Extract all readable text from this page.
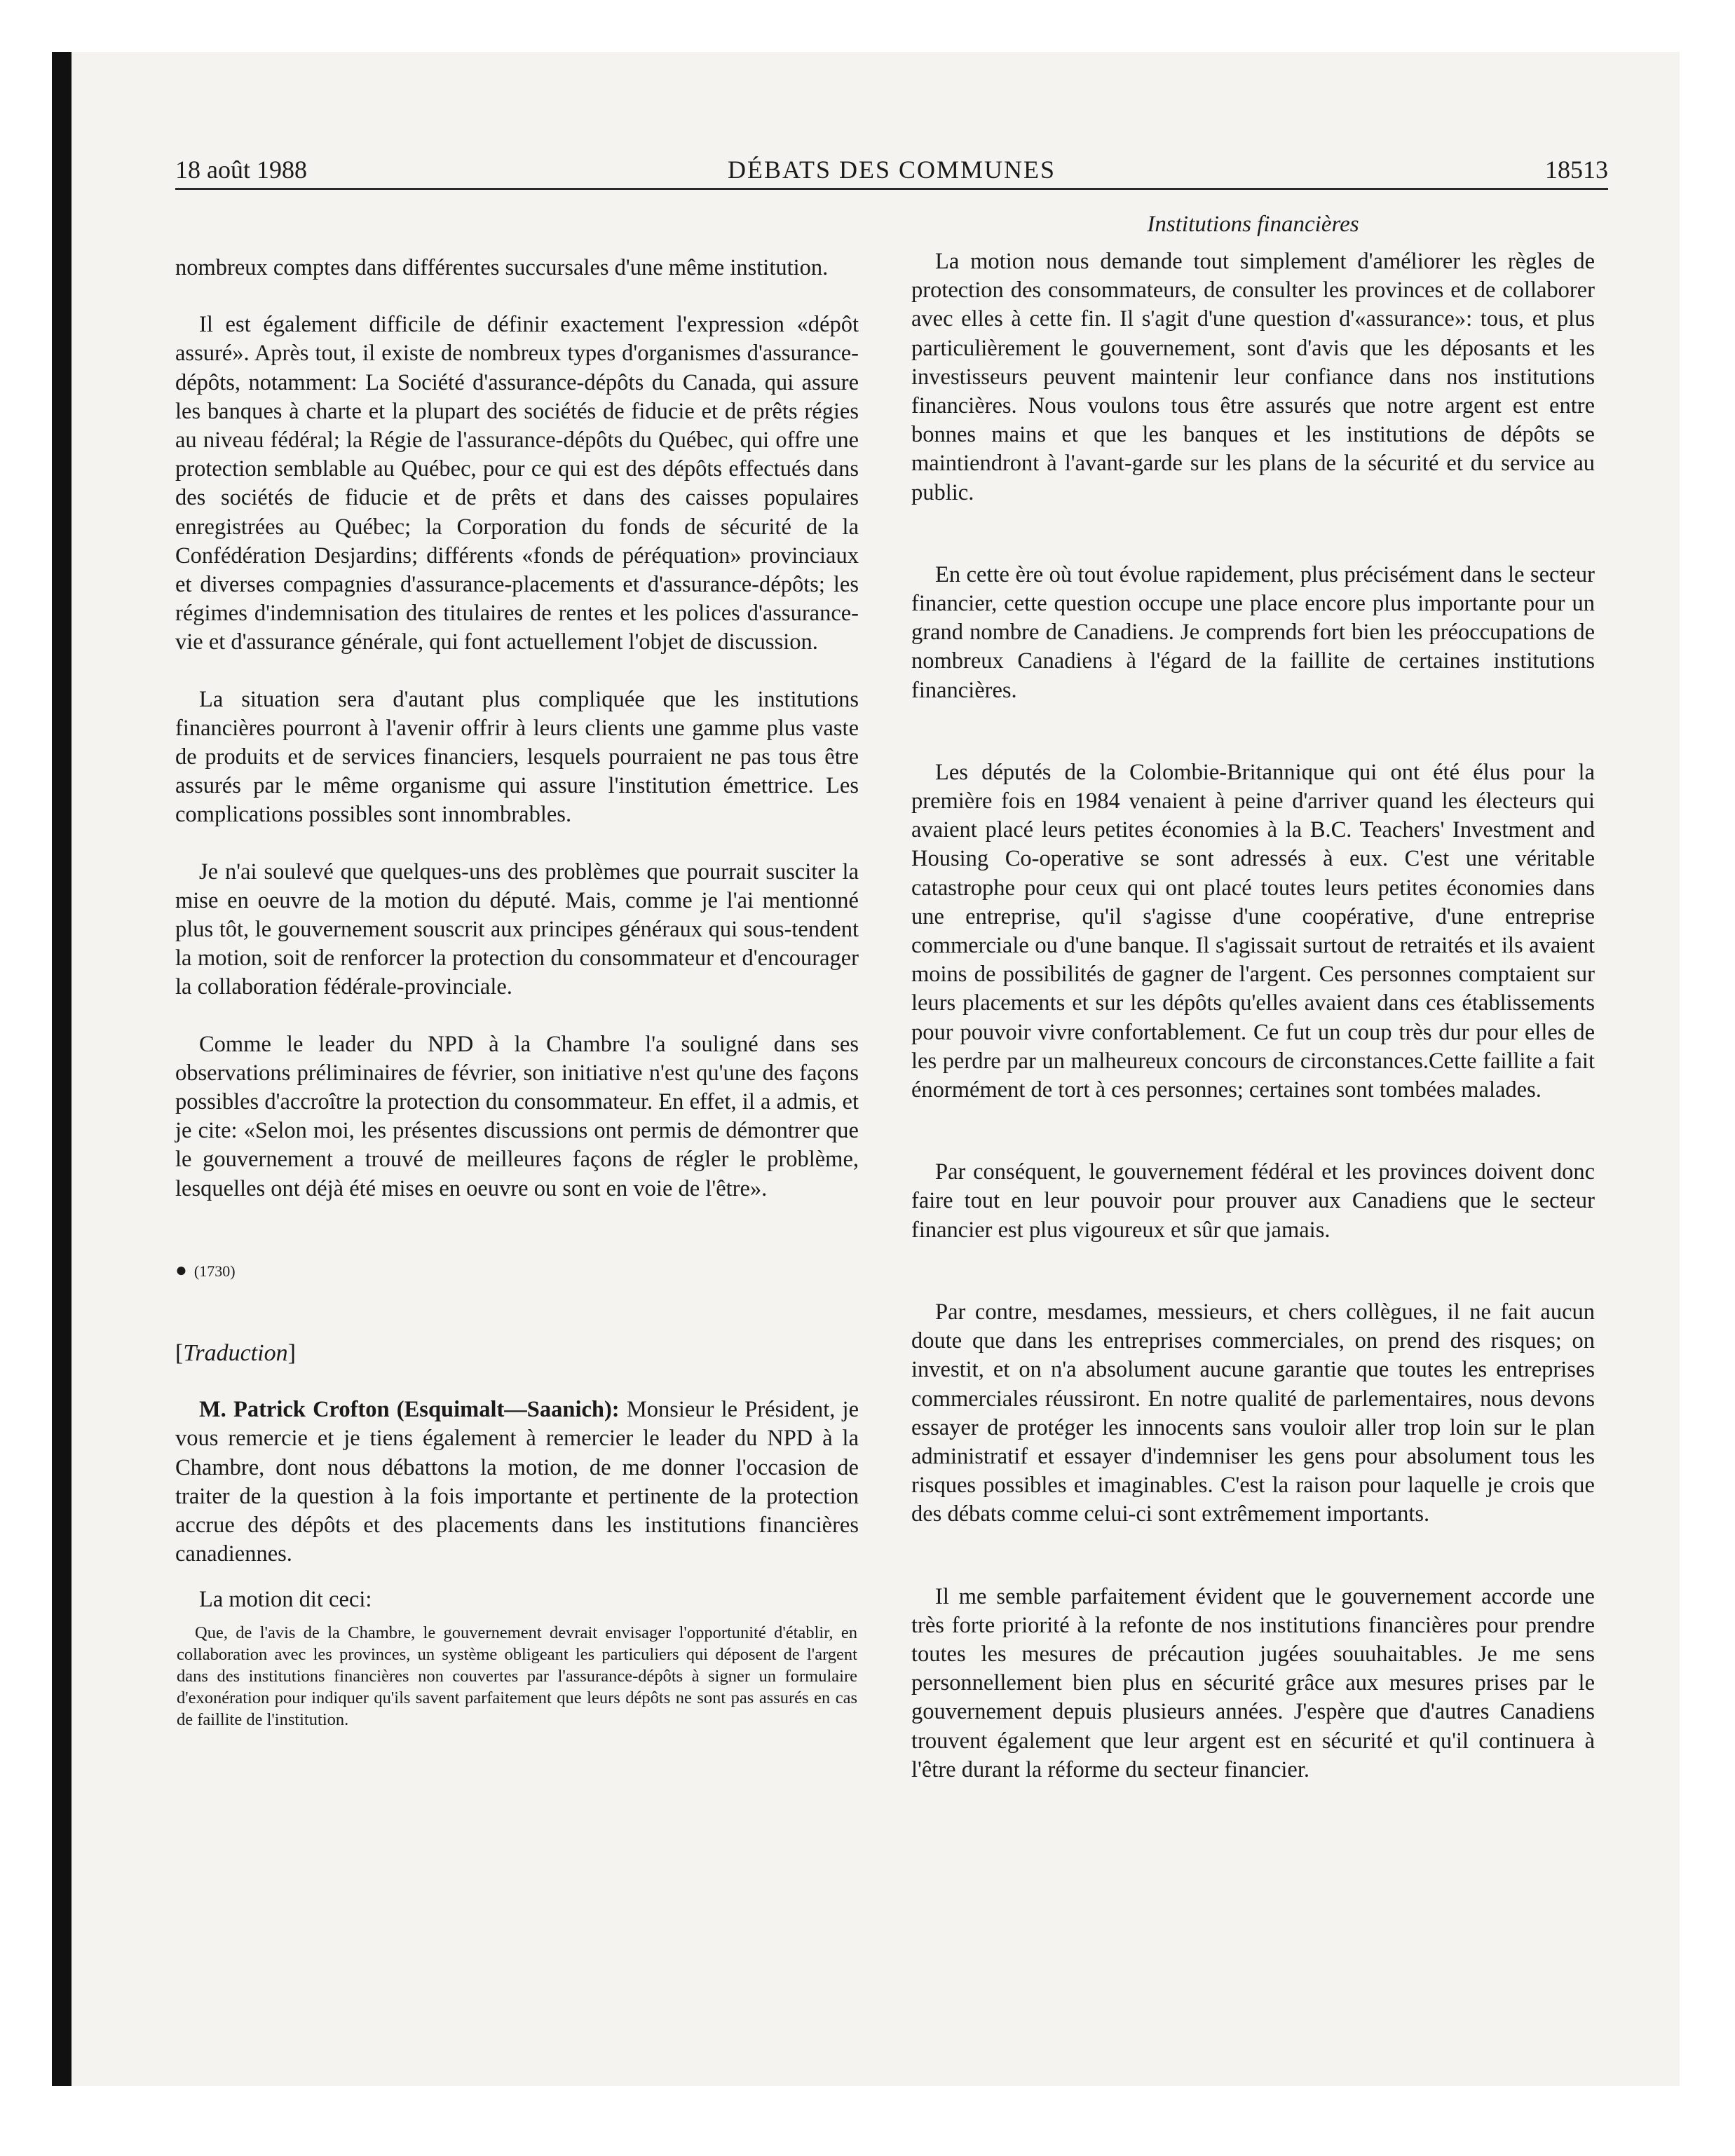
DÉBATS DES COMMUNES
18 août 1988	18513

nombreux comptes dans différentes succursales d'une même institution.

Il est également difficile de définir exactement l'expression «dépôt assuré». Après tout, il existe de nombreux types d'organismes d'assurance-dépôts, notamment: La Société d'assurance-dépôts du Canada, qui assure les banques à charte et la plupart des sociétés de fiducie et de prêts régies au niveau fédéral; la Régie de l'assurance-dépôts du Québec, qui offre une protection semblable au Québec, pour ce qui est des dépôts effectués dans des sociétés de fiducie et de prêts et dans des caisses populaires enregistrées au Québec; la Corporation du fonds de sécurité de la Confédération Desjardins; différents «fonds de péréquation» provinciaux et diverses compagnies d'assurance-placements et d'assurance-dépôts; les régimes d'indemnisation des titulaires de rentes et les polices d'assurance-vie et d'assurance générale, qui font actuellement l'objet de discussion.

La situation sera d'autant plus compliquée que les institutions financières pourront à l'avenir offrir à leurs clients une gamme plus vaste de produits et de services financiers, lesquels pourraient ne pas tous être assurés par le même organisme qui assure l'institution émettrice. Les complications possibles sont innombrables.

Je n'ai soulevé que quelques-uns des problèmes que pourrait susciter la mise en oeuvre de la motion du député. Mais, comme je l'ai mentionné plus tôt, le gouvernement souscrit aux principes généraux qui sous-tendent la motion, soit de renforcer la protection du consommateur et d'encourager la collaboration fédérale-provinciale.

Comme le leader du NPD à la Chambre l'a souligné dans ses observations préliminaires de février, son initiative n'est qu'une des façons possibles d'accroître la protection du consommateur. En effet, il a admis, et je cite: «Selon moi, les présentes discussions ont permis de démontrer que le gouvernement a trouvé de meilleures façons de régler le problème, lesquelles ont déjà été mises en oeuvre ou sont en voie de l'être».

● (1730)

[Traduction]

M. Patrick Crofton (Esquimalt—Saanich): Monsieur le Président, je vous remercie et je tiens également à remercier le leader du NPD à la Chambre, dont nous débattons la motion, de me donner l'occasion de traiter de la question à la fois importante et pertinente de la protection accrue des dépôts et des placements dans les institutions financières canadiennes.

La motion dit ceci:

Que, de l'avis de la Chambre, le gouvernement devrait envisager l'opportunité d'établir, en collaboration avec les provinces, un système obligeant les particuliers qui déposent de l'argent dans des institutions financières non couvertes par l'assurance-dépôts à signer un formulaire d'exonération pour indiquer qu'ils savent parfaitement que leurs dépôts ne sont pas assurés en cas de faillite de l'institution.

Institutions financières

La motion nous demande tout simplement d'améliorer les règles de protection des consommateurs, de consulter les provinces et de collaborer avec elles à cette fin. Il s'agit d'une question d'«assurance»: tous, et plus particulièrement le gouvernement, sont d'avis que les déposants et les investisseurs peuvent maintenir leur confiance dans nos institutions financières. Nous voulons tous être assurés que notre argent est entre bonnes mains et que les banques et les institutions de dépôts se maintiendront à l'avant-garde sur les plans de la sécurité et du service au public.

En cette ère où tout évolue rapidement, plus précisément dans le secteur financier, cette question occupe une place encore plus importante pour un grand nombre de Canadiens. Je comprends fort bien les préoccupations de nombreux Canadiens à l'égard de la faillite de certaines institutions financières.

Les députés de la Colombie-Britannique qui ont été élus pour la première fois en 1984 venaient à peine d'arriver quand les électeurs qui avaient placé leurs petites économies à la B.C. Teachers' Investment and Housing Co-operative se sont adressés à eux. C'est une véritable catastrophe pour ceux qui ont placé toutes leurs petites économies dans une entreprise, qu'il s'agisse d'une coopérative, d'une entreprise commerciale ou d'une banque. Il s'agissait surtout de retraités et ils avaient moins de possibilités de gagner de l'argent. Ces personnes comptaient sur leurs placements et sur les dépôts qu'elles avaient dans ces établissements pour pouvoir vivre confortablement. Ce fut un coup très dur pour elles de les perdre par un malheureux concours de circonstances.Cette faillite a fait énormément de tort à ces personnes; certaines sont tombées malades.

Par conséquent, le gouvernement fédéral et les provinces doivent donc faire tout en leur pouvoir pour prouver aux Canadiens que le secteur financier est plus vigoureux et sûr que jamais.

Par contre, mesdames, messieurs, et chers collègues, il ne fait aucun doute que dans les entreprises commerciales, on prend des risques; on investit, et on n'a absolument aucune garantie que toutes les entreprises commerciales réussiront. En notre qualité de parlementaires, nous devons essayer de protéger les innocents sans vouloir aller trop loin sur le plan administratif et essayer d'indemniser les gens pour absolument tous les risques possibles et imaginables. C'est la raison pour laquelle je crois que des débats comme celui-ci sont extrêmement importants.

Il me semble parfaitement évident que le gouvernement accorde une très forte priorité à la refonte de nos institutions financières pour prendre toutes les mesures de précaution jugées souuhaitables. Je me sens personnellement bien plus en sécurité grâce aux mesures prises par le gouvernement depuis plusieurs années. J'espère que d'autres Canadiens trouvent également que leur argent est en sécurité et qu'il continuera à l'être durant la réforme du secteur financier.
